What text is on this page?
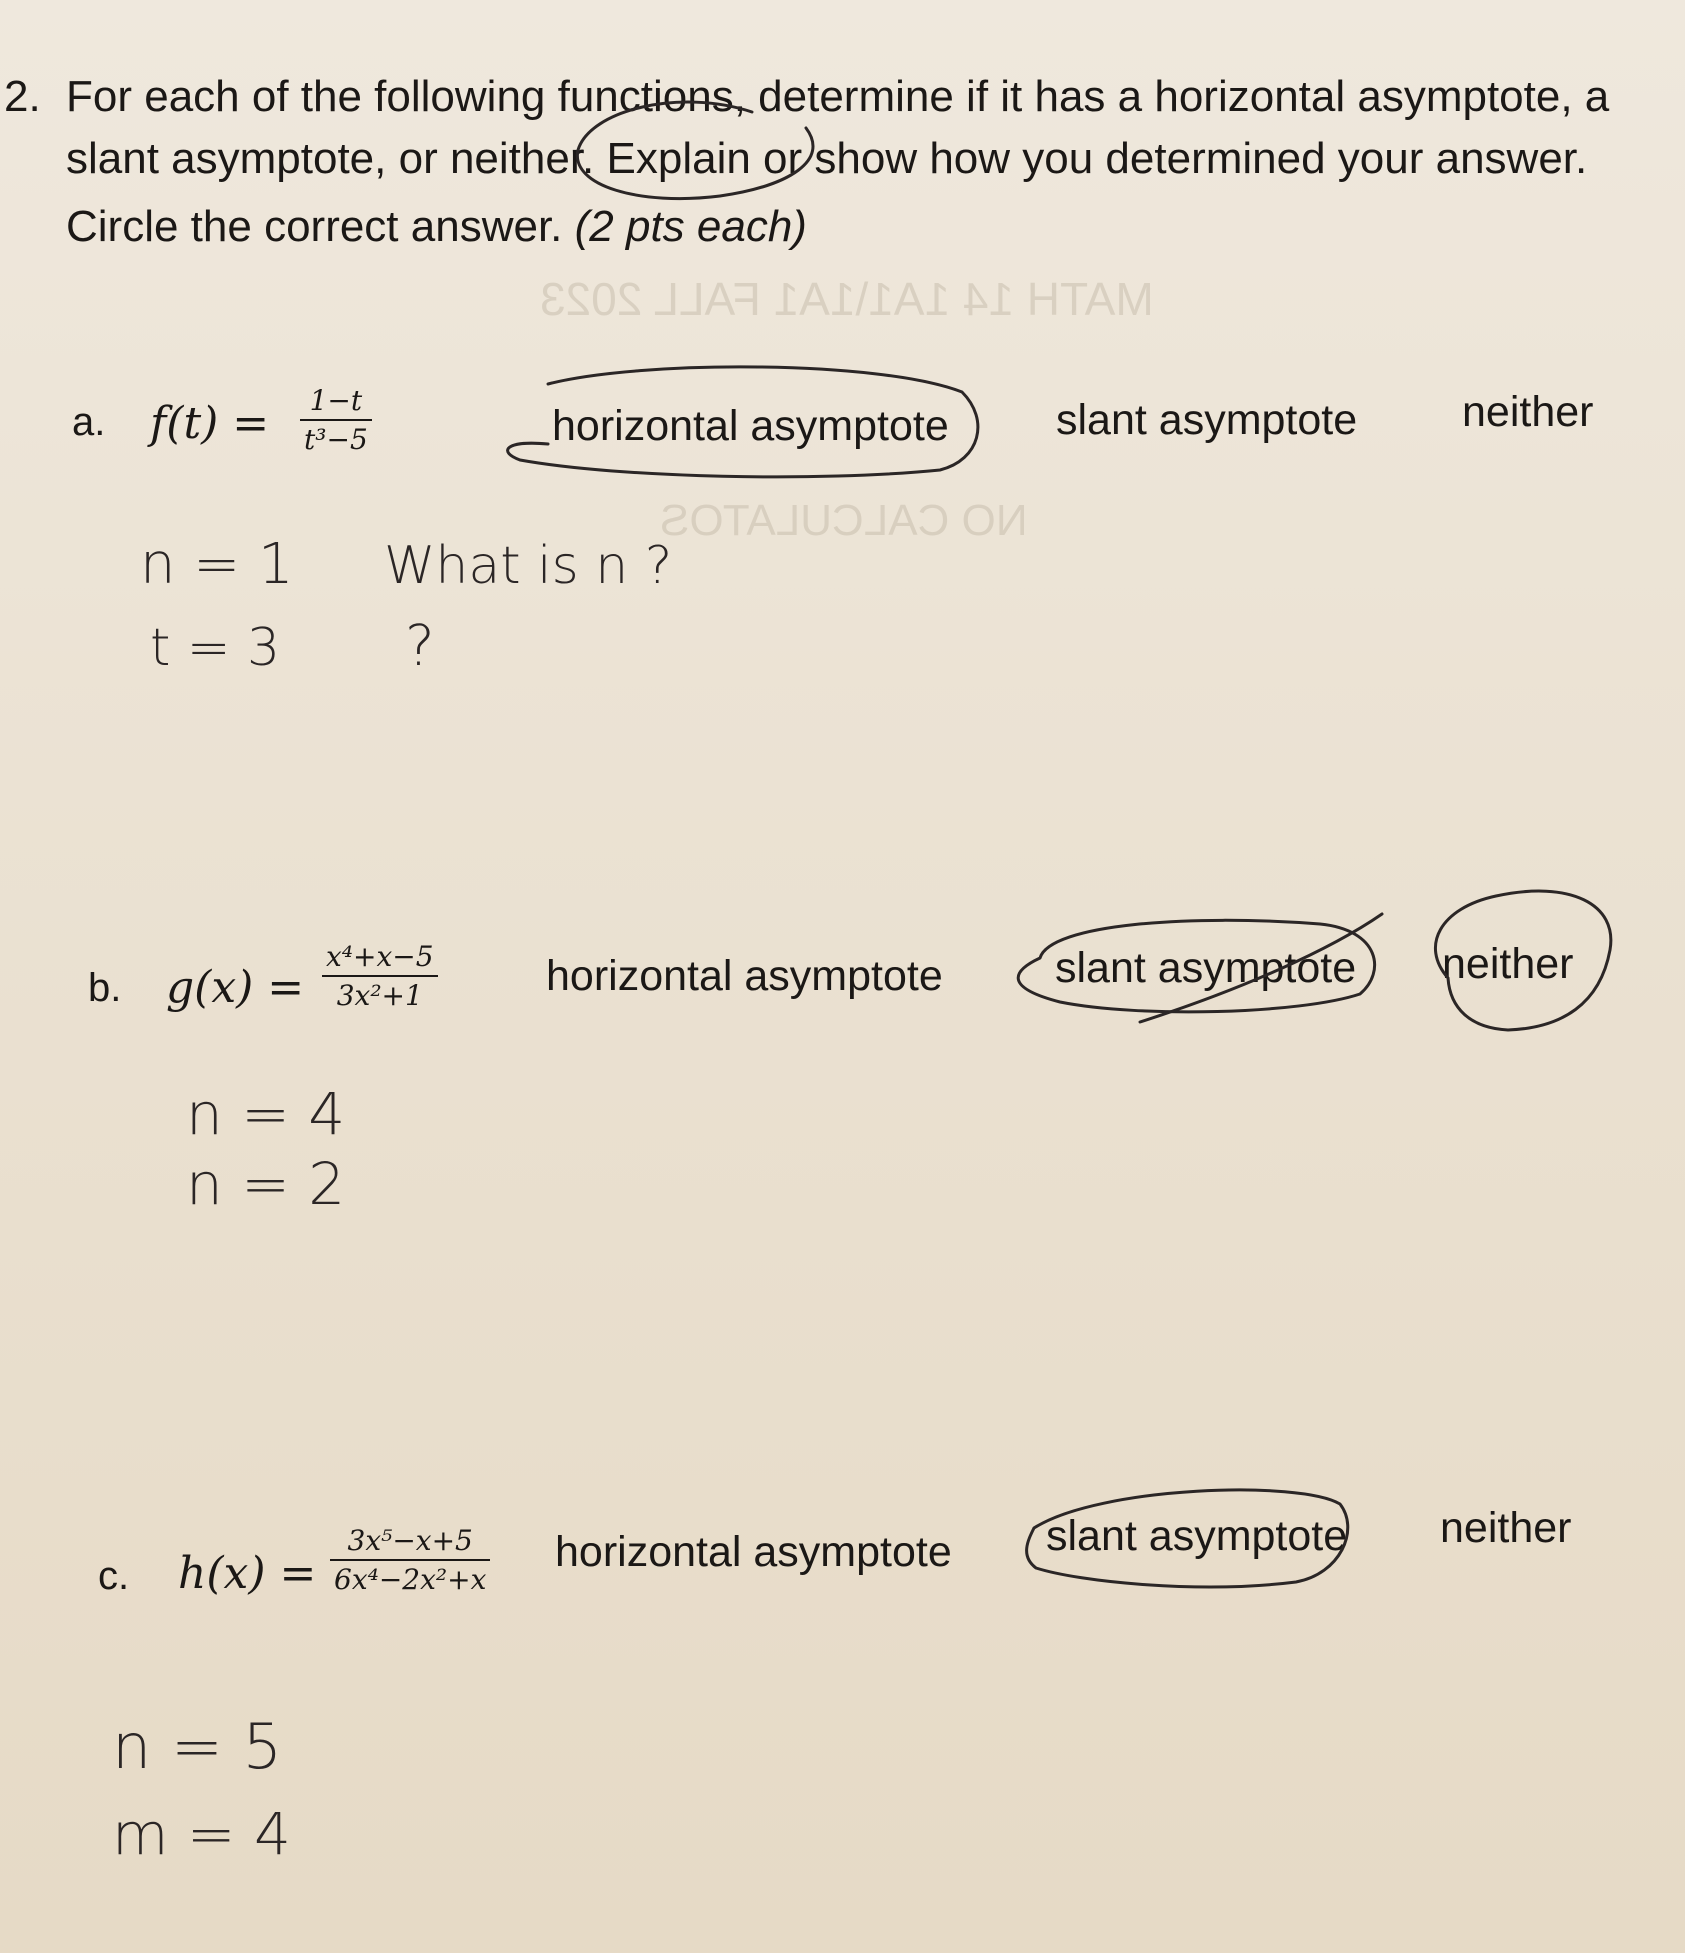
MATH 14 1A1\1A1 FALL 2023
NO CALCULATOS
2. For each of the following functions, determine if it has a horizontal asymptote, a
slant asymptote, or neither. Explain or show how you determined your answer.
Circle the correct answer. (2 pts each)
a. f(t) = 1−t
t³−5	horizontal asymptote slant asymptote neither
n = 1 What is n ?
t = 3 ?
b. g(x) =
x⁴+x−5
3x²+1	horizontal asymptote	slant asymptote neither
n = 4
n = 2
c. h(x) =
3x⁵−x+5
6x⁴−2x²+x
horizontal asymptote slant asymptote neither
n = 5
m = 4
